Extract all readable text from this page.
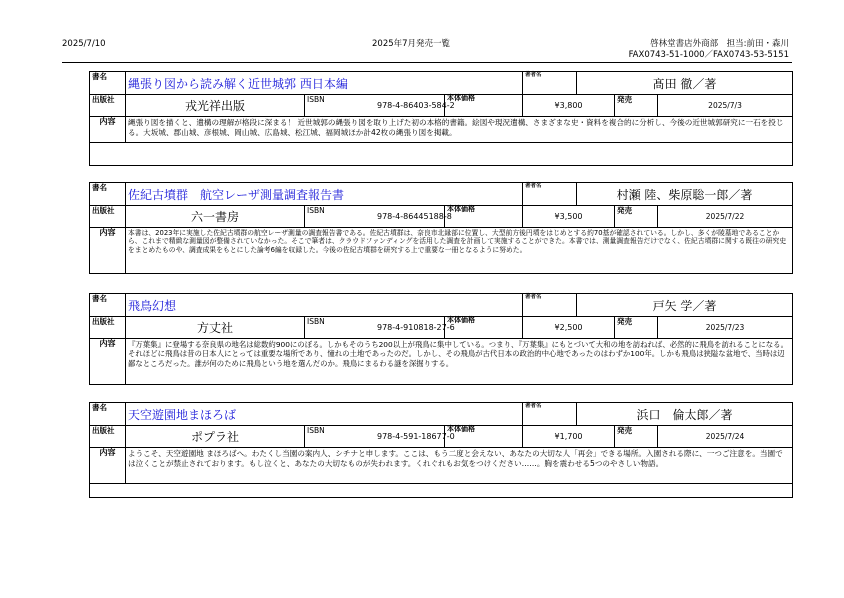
2025/7/10	2025年7月発売一覧	啓林堂書店外商部　担当:前田・森川
FAX0743-51-1000／FAX0743-53-5151
書名	縄張り図から読み解く近世城郭 西日本編			著者名	髙田 徹／著		
出版社	戎光祥出版	ISBN
978-4-86403-584-2	本体価格	¥3,800		発売	2025/7/3
内容	縄張り図を描くと、遺構の理解が格段に深まる！ 近世城郭の縄張り図を取り上げた初の本格的書籍。絵図や現況遺構、さまざまな史・資料を複合的に分析し、今後の近世城郭研究に一石を投じる。大坂城、郡山城、彦根城、岡山城、広島城、松江城、福岡城ほか計42枚の縄張り図を掲載。						

書名	佐紀古墳群　航空レーザ測量調査報告書			著者名	村瀬 陸、柴原聡一郎／著		
出版社	六一書房	ISBN
978-4-86445188-8	本体価格	¥3,500		発売	2025/7/22
内容	本書は、2023年に実施した佐紀古墳群の航空レーザ測量の調査報告書である。佐紀古墳群は、奈良市北縁部に位置し、大型前方後円墳をはじめとする約70基が確認されている。しかし、多くが陵墓地であることから、これまで精緻な測量図が整備されていなかった。そこで筆者は、クラウドファンディングを活用した調査を計画して実施することができた。本書では、測量調査報告だけでなく、佐紀古墳群に関する既往の研究史をまとめたものや、調査成果をもとにした論考6編を収録した。今後の佐紀古墳群を研究する上で重要な一冊となるように努めた。						
書名	飛鳥幻想			著者名	戸矢 学／著		
出版社	方丈社	ISBN
978-4-910818-27-6	本体価格	¥2,500		発売	2025/7/23
内容	『万葉集』に登場する奈良県の地名は総数約900にのぼる。しかもそのうち200以上が飛鳥に集中している。つまり、『万葉集』にもとづいて大和の地を訪ねれば、必然的に飛鳥を訪れることになる。それほどに飛鳥は昔の日本人にとっては重要な場所であり、憧れの土地であったのだ。しかし、その飛鳥が古代日本の政治的中心地であったのはわずか100年。しかも飛鳥は狭隘な盆地で、当時は辺鄙なところだった。誰が何のために飛鳥という地を選んだのか。飛鳥にまるわる謎を深掘りする。						
書名	天空遊園地まほろば			著者名	浜口　倫太郎／著		
出版社	ポプラ社	ISBN
978-4-591-18677-0	本体価格	¥1,700		発売	2025/7/24
内容	ようこそ、天空遊園地 まほろばへ。わたくし当園の案内人、シチナと申します。ここは、もう二度と会えない、あなたの大切な人「再会」できる場所。入園される際に、一つご注意を。当園では泣くことが禁止されております。もし泣くと、あなたの大切なものが失われます。くれぐれもお気をつけください……。胸を震わせる5つのやさしい物語。						
